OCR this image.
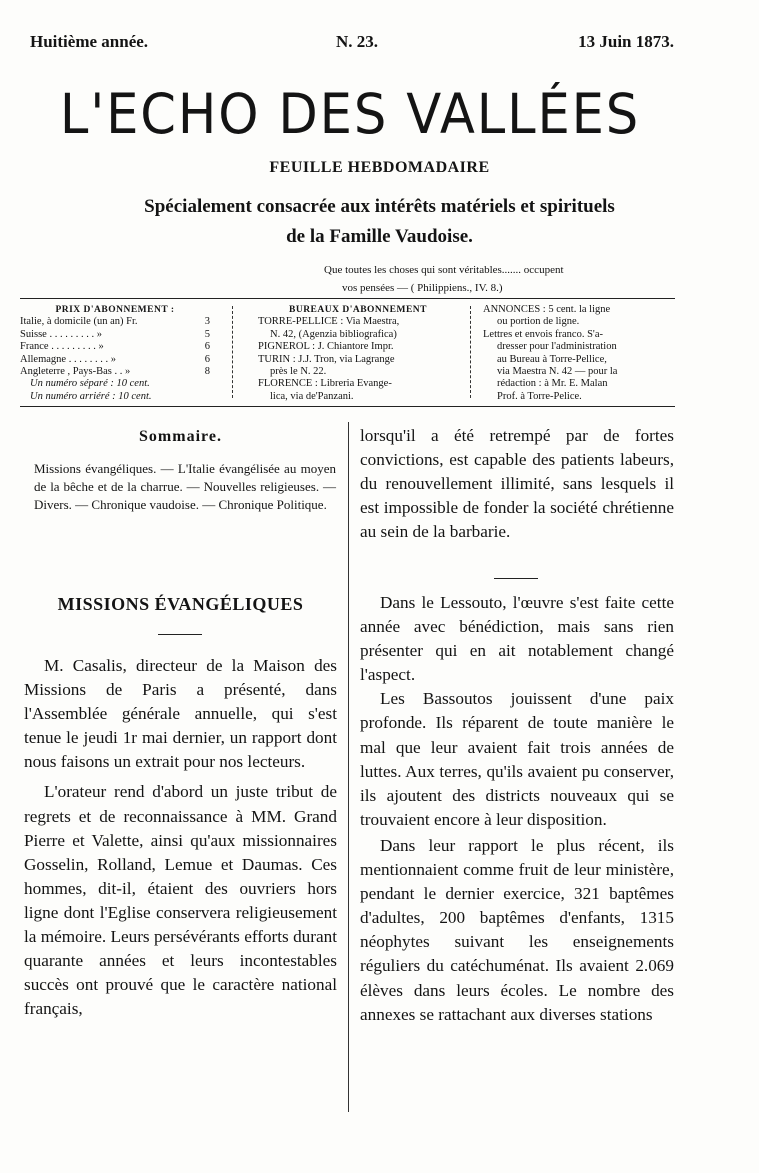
Huitième année.	N. 23.	13 Juin 1873.
L'ECHO DES VALLÉES
FEUILLE HEBDOMADAIRE
Spécialement consacrée aux intérêts matériels et spirituels
de la Famille Vaudoise.
Que toutes les choses qui sont véritables....... occupent
vos pensées — ( Philippiens., IV. 8.)
PRIX D'ABONNEMENT :
Italie, à domicile (un an) Fr.	3
Suisse . . . . . . . . . »	5
France . . . . . . . . . »	6
Allemagne . . . . . . . . »	6
Angleterre , Pays-Bas . . »	8
Un numéro séparé : 10 cent.
Un numéro arriéré : 10 cent.
BUREAUX D'ABONNEMENT
TORRE-PELLICE : Via Maestra,
N. 42, (Agenzia bibliografica)
PIGNEROL : J. Chiantore Impr.
TURIN : J.J. Tron, via Lagrange
près le N. 22.
FLORENCE : Libreria Evange-
lica, via de'Panzani.
ANNONCES : 5 cent. la ligne
ou portion de ligne.
Lettres et envois franco. S'a-
dresser pour l'administration
au Bureau à Torre-Pellice,
via Maestra N. 42 — pour la
rédaction : à Mr. E. Malan
Prof. à Torre-Pelice.
Sommaire.
Missions évangéliques. — L'Italie évangélisée au moyen de la bêche et de la charrue. — Nouvelles religieuses. — Divers. — Chronique vaudoise. — Chronique Politique.
MISSIONS ÉVANGÉLIQUES

M. Casalis, directeur de la Maison des Missions de Paris a présenté, dans l'Assemblée générale annuelle, qui s'est tenue le jeudi 1r mai dernier, un rapport dont nous faisons un extrait pour nos lecteurs.

L'orateur rend d'abord un juste tribut de regrets et de reconnaissance à MM. Grand Pierre et Valette, ainsi qu'aux missionnaires Gosselin, Rolland, Lemue et Daumas. Ces hommes, dit-il, étaient des ouvriers hors ligne dont l'Eglise conservera religieusement la mémoire. Leurs persévérants efforts durant quarante années et leurs incontestables succès ont prouvé que le caractère national français,

lorsqu'il a été retrempé par de fortes convictions, est capable des patients labeurs, du renouvellement illimité, sans lesquels il est impossible de fonder la société chrétienne au sein de la barbarie.

Dans le Lessouto, l'œuvre s'est faite cette année avec bénédiction, mais sans rien présenter qui en ait notablement changé l'aspect.

Les Bassoutos jouissent d'une paix profonde. Ils réparent de toute manière le mal que leur avaient fait trois années de luttes. Aux terres, qu'ils avaient pu conserver, ils ajoutent des districts nouveaux qui se trouvaient encore à leur disposition.

Dans leur rapport le plus récent, ils mentionnaient comme fruit de leur ministère, pendant le dernier exercice, 321 baptêmes d'adultes, 200 baptêmes d'enfants, 1315 néophytes suivant les enseignements réguliers du catéchuménat. Ils avaient 2.069 élèves dans leurs écoles. Le nombre des annexes se rattachant aux diverses stations
